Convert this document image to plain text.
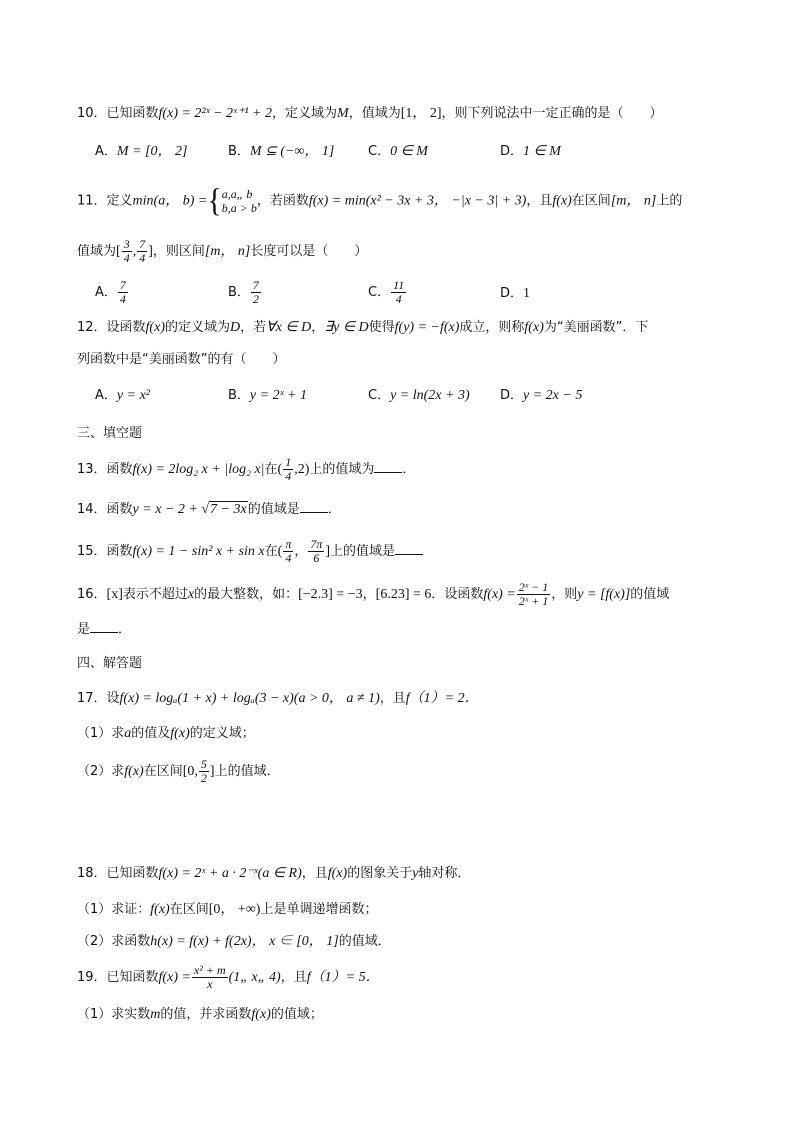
10．已知函数f(x) = 2²ˣ − 2ˣ⁺¹ + 2，定义域为M，值域为[1， 2]，则下列说法中一定正确的是（　　）
A．M = [0， 2]	B．M ⊆ (−∞， 1]	C．0 ∈ M	D．1 ∈ M
11．定义min(a， b) ={ a,a„ b
b,a > b ，若函数f(x) = min(x² − 3x + 3， −|x − 3| + 3)，且f(x)在区间[m， n]上的
值域为[ $\frac{3}{4}$ , $\frac{7}{4}$ ]，则区间[m， n]长度可以是（　　）
A． $\frac{7}{4}$	B． $\frac{7}{2}$	C． $\frac{11}{4}$	D．1
12．设函数f(x)的定义域为D，若∀x ∈ D，∃y ∈ D使得f(y) = −f(x)成立，则称f(x)为“美丽函数”．下
列函数中是“美丽函数”的有（　　）
A．y = x²	B．y = 2ˣ + 1	C．y = ln(2x + 3) D．y = 2x − 5
三、填空题
13．函数f(x) = 2log₂ x + |log₂ x|在( $\frac{1}{4} ,2$)上的值域为 ．
14．函数y = x − 2 + √7 − 3x的值域是 ．
15．函数f(x) = 1 − sin² x + sin x在( $\frac{\pi}{4}$ ， $\frac{7\pi}{6}$ ]上的值域是
16．[x]表示不超过x的最大整数，如：[−2.3] = −3，[6.23] = 6．设函数$f(x) = \frac{\text{2ˣ − 1}}{\text{2ˣ + 1}}$ ，则y = [f(x)]的值域
是 ．
四、解答题
17．设f(x) = logₐ(1 + x) + logₐ(3 − x)(a > 0， a ≠ 1)，且f（1）= 2．
（1）求a的值及f(x)的定义域；
（2）求f(x)在区间[0, $\frac{5}{2}$ ]上的值域．
18．已知函数f(x) = 2ˣ + a · 2⁻ˣ(a ∈ R)，且f(x)的图象关于y轴对称．
（1）求证：f(x)在区间[0， +∞)上是单调递增函数；
（2）求函数h(x) = f(x) + f(2x)， x ∈ [0， 1]的值域．
19．已知函数$f(x) = \frac{\text{x² + m}}{x}$ (1„ x„ 4)，且f（1）= 5．
（1）求实数m的值，并求函数f(x)的值域；
